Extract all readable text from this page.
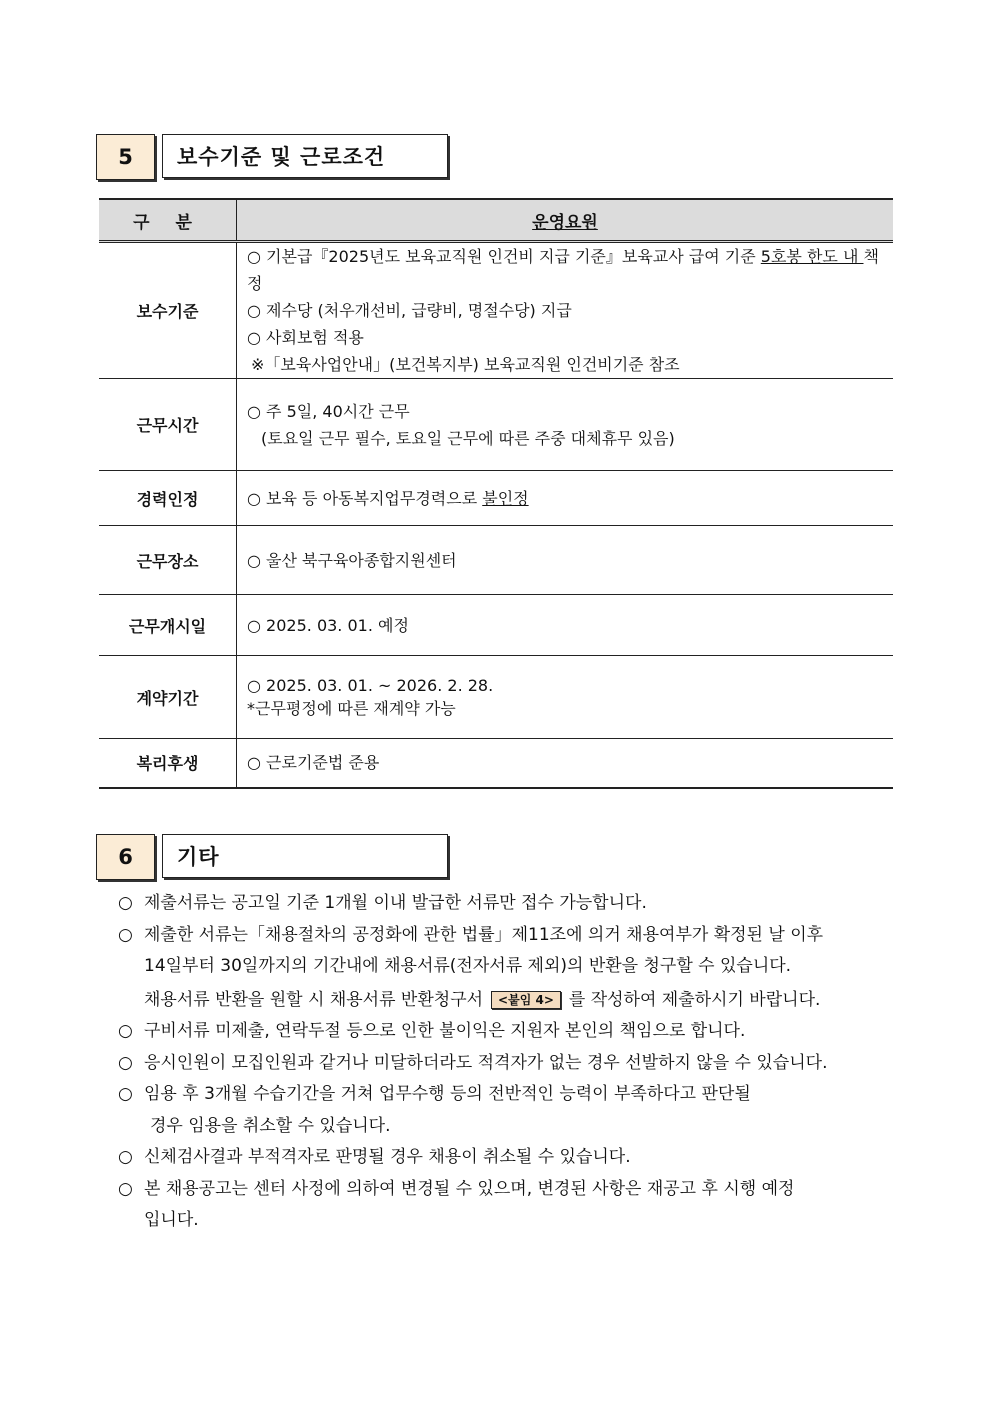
5	보수기준 및 근로조건
구 분	운영요원
보수기준	○ 기본급『2025년도 보육교직원 인건비 지급 기준』보육교사 급여 기준 5호봉 한도 내 책정
○ 제수당 (처우개선비, 급량비, 명절수당) 지급
○ 사회보험 적용
※「보육사업안내」(보건복지부) 보육교직원 인건비기준 참조

근무시간	○ 주 5일, 40시간 근무
(토요일 근무 필수, 토요일 근무에 따른 주중 대체휴무 있음)

경력인정	○ 보육 등 아동복지업무경력으로 불인정
근무장소	○ 울산 북구육아종합지원센터
근무개시일	○ 2025. 03. 01. 예정
계약기간	○ 2025. 03. 01. ~ 2026. 2. 28.
*근무평정에 따른 재계약 가능

복리후생	○ 근로기준법 준용
6	기타
○ 제출서류는 공고일 기준 1개월 이내 발급한 서류만 접수 가능합니다.
○ 제출한 서류는「채용절차의 공정화에 관한 법률」제11조에 의거 채용여부가 확정된 날 이후
14일부터 30일까지의 기간내에 채용서류(전자서류 제외)의 반환을 청구할 수 있습니다.
채용서류 반환을 원할 시 채용서류 반환청구서 <붙임 4> 를 작성하여 제출하시기 바랍니다.
○ 구비서류 미제출, 연락두절 등으로 인한 불이익은 지원자 본인의 책임으로 합니다.
○ 응시인원이 모집인원과 같거나 미달하더라도 적격자가 없는 경우 선발하지 않을 수 있습니다.
○ 임용 후 3개월 수습기간을 거쳐 업무수행 등의 전반적인 능력이 부족하다고 판단될
경우 임용을 취소할 수 있습니다.
○ 신체검사결과 부적격자로 판명될 경우 채용이 취소될 수 있습니다.
○ 본 채용공고는 센터 사정에 의하여 변경될 수 있으며, 변경된 사항은 재공고 후 시행 예정
입니다.
